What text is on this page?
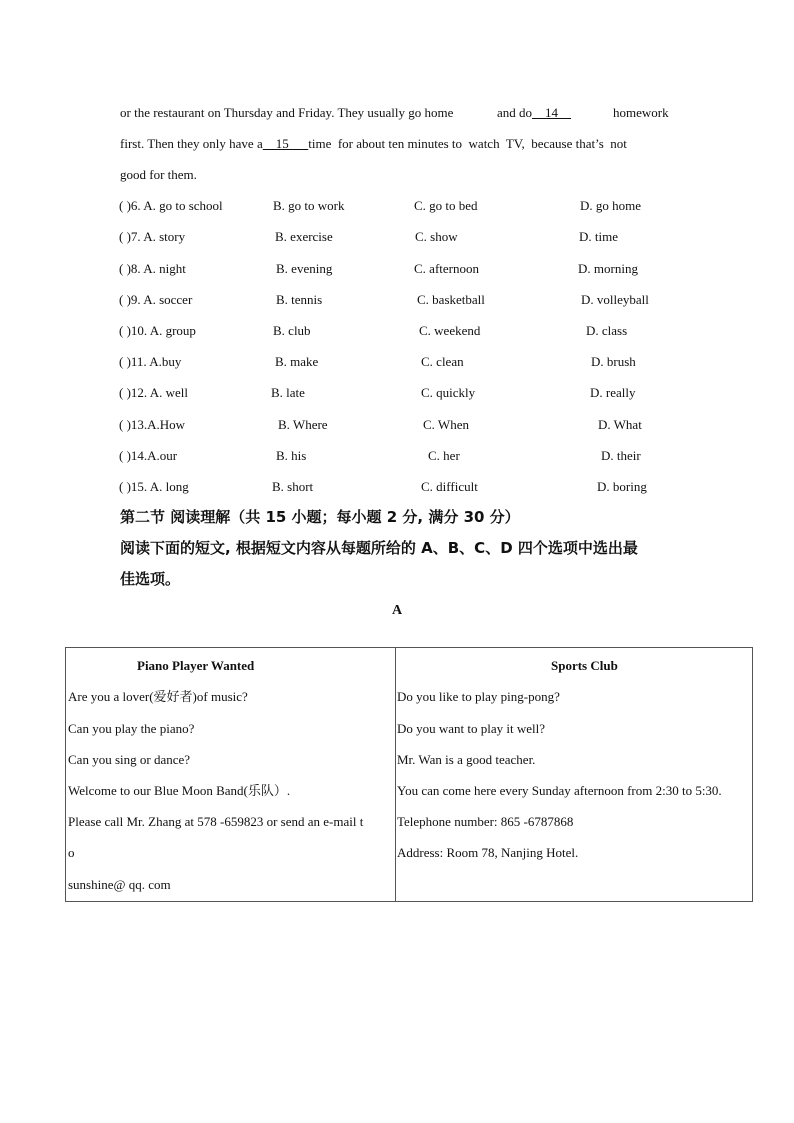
or the restaurant on Thursday and Friday. They usually go home	and do    14	homework
first. Then they only have a    15      time  for about ten minutes to  watch  TV,  because that’s  not
good for them.
( )6. A. go to school	B. go to work	C. go to bed	D. go home
( )7. A. story	B. exercise	C. show	D. time
( )8. A. night	B. evening	C. afternoon	D. morning
( )9. A. soccer	B. tennis	C. basketball	D. volleyball
( )10. A. group	B. club	C. weekend	D. class
( )11. A.buy	B. make	C. clean	D. brush
( )12. A. well	B. late	C. quickly	D. really
( )13.A.How	B. Where	C. When	D. What
( )14.A.our	B. his	C. her	D. their
( )15. A. long	B. short	C. difficult	D. boring
第二节 阅读理解（共 15 小题；每小题 2 分, 满分 30 分）
阅读下面的短文, 根据短文内容从每题所给的 A、B、C、D 四个选项中选出最
佳选项。
A
Piano Player Wanted
Are you a lover(爱好者)of music?
Can you play the piano?
Can you sing or dance?
Welcome to our Blue Moon Band(乐队）.
Please call Mr. Zhang at 578 -659823 or send an e-mail t
o
sunshine@ qq. com

Sports Club
Do you like to play ping-pong?
Do you want to play it well?
Mr. Wan is a good teacher.
You can come here every Sunday afternoon from 2:30 to 5:30.
Telephone number: 865 -6787868
Address: Room 78, Nanjing Hotel.
